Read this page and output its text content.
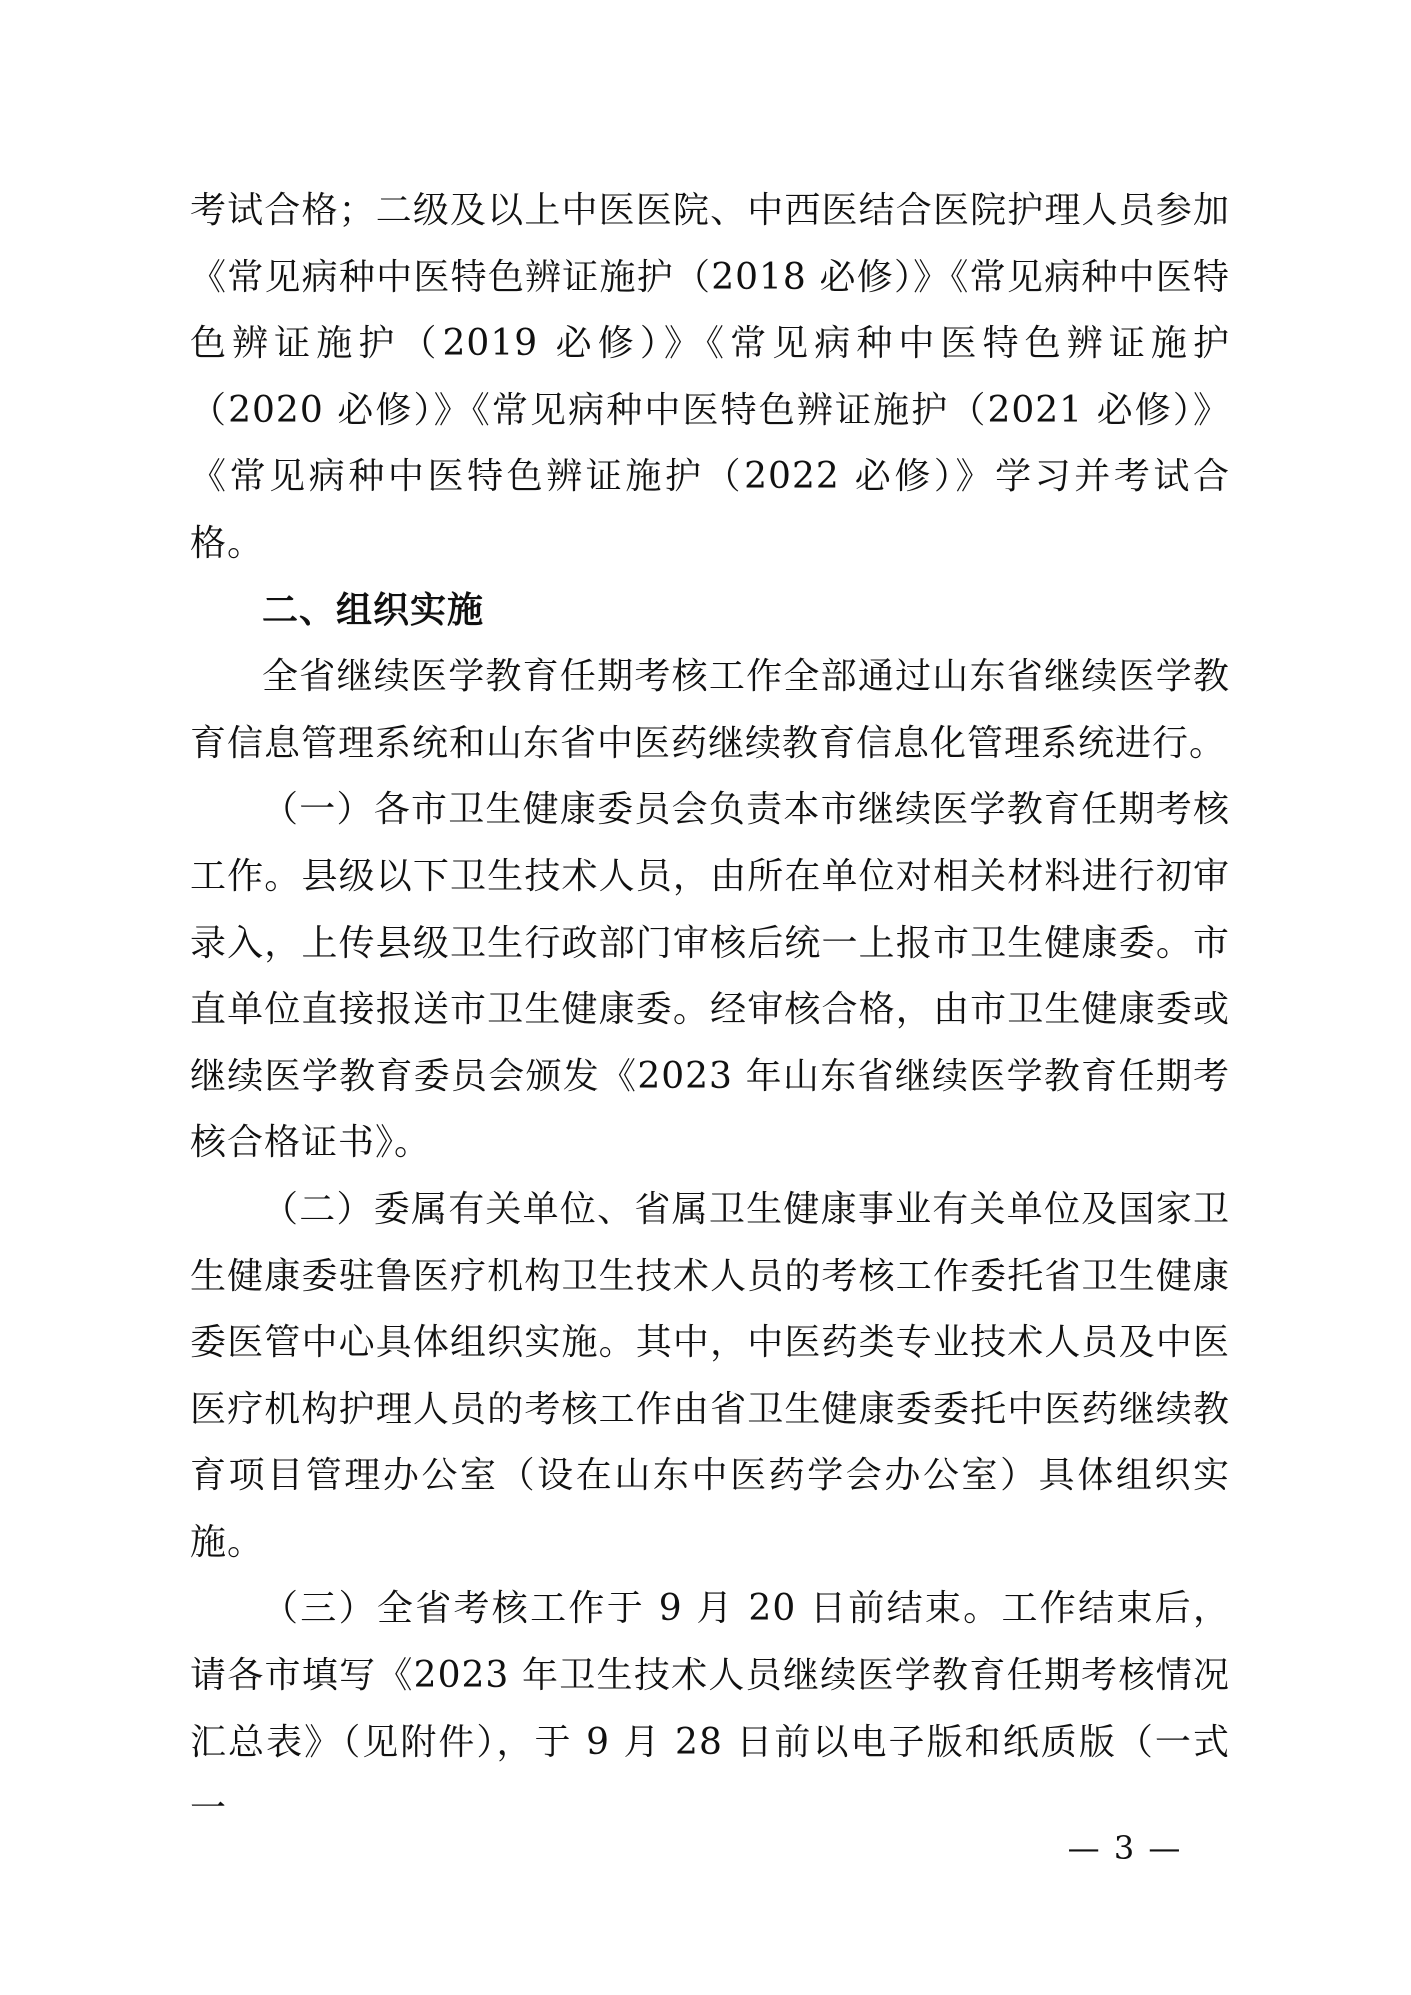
考试合格；二级及以上中医医院、中西医结合医院护理人员参加《常见病种中医特色辨证施护（2018 必修）》《常见病种中医特色辨证施护（2019 必修）》《常见病种中医特色辨证施护（2020 必修）》《常见病种中医特色辨证施护（2021 必修）》《常见病种中医特色辨证施护（2022 必修）》学习并考试合格。

二、组织实施

全省继续医学教育任期考核工作全部通过山东省继续医学教育信息管理系统和山东省中医药继续教育信息化管理系统进行。

（一）各市卫生健康委员会负责本市继续医学教育任期考核工作。县级以下卫生技术人员，由所在单位对相关材料进行初审录入，上传县级卫生行政部门审核后统一上报市卫生健康委。市直单位直接报送市卫生健康委。经审核合格，由市卫生健康委或继续医学教育委员会颁发《2023 年山东省继续医学教育任期考核合格证书》。

（二）委属有关单位、省属卫生健康事业有关单位及国家卫生健康委驻鲁医疗机构卫生技术人员的考核工作委托省卫生健康委医管中心具体组织实施。其中，中医药类专业技术人员及中医医疗机构护理人员的考核工作由省卫生健康委委托中医药继续教育项目管理办公室（设在山东中医药学会办公室）具体组织实施。

（三）全省考核工作于 9 月 20 日前结束。工作结束后，请各市填写《2023 年卫生技术人员继续医学教育任期考核情况汇总表》（见附件），于 9 月 28 日前以电子版和纸质版（一式一

— 3 —
